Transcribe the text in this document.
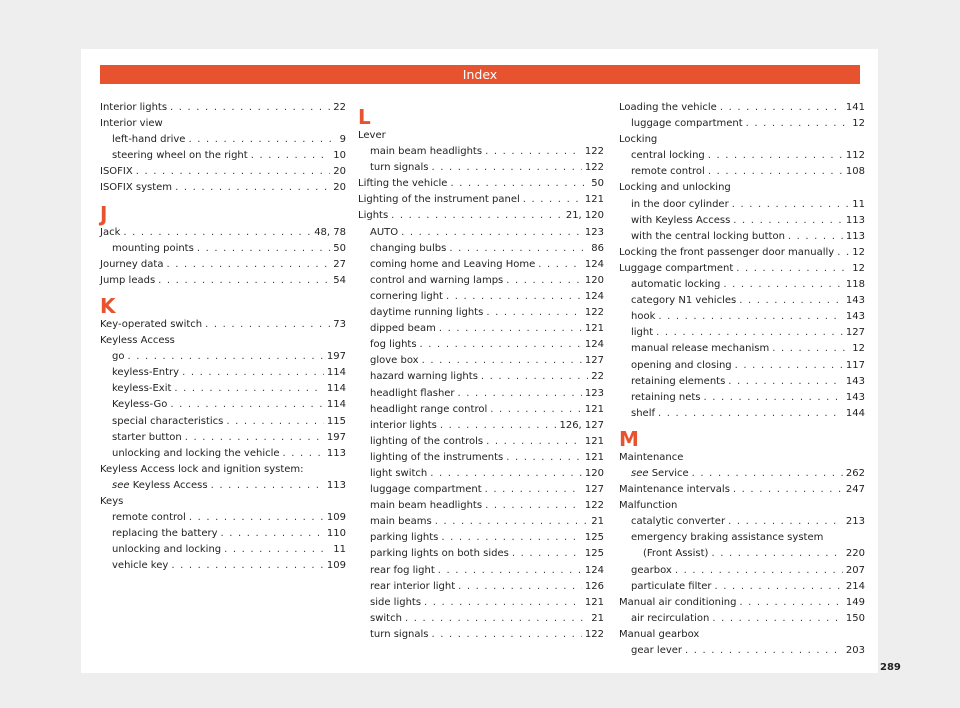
Index
Interior lights . . .	22
Interior view
left-hand drive . . .	9
steering wheel on the right . . .	10
ISOFIX . . .	20
ISOFIX system . . .	20
J
Jack . . .	48, 78
mounting points . . .	50
Journey data . . .	27
Jump leads . . .	54
K
Key-operated switch . . .	73
Keyless Access
go . . .	197
keyless-Entry . . .	114
keyless-Exit . . .	114
Keyless-Go . . .	114
special characteristics . . .	115
starter button . . .	197
unlocking and locking the vehicle . . .	113
Keyless Access lock and ignition system:
see Keyless Access . . .	113
Keys
remote control . . .	109
replacing the battery . . .	110
unlocking and locking . . .	11
vehicle key . . .	109
L
Lever
main beam headlights . . .	122
turn signals . . .	122
Lifting the vehicle . . .	50
Lighting of the instrument panel . . .	121
Lights . . .	21, 120
AUTO . . .	123
changing bulbs . . .	86
coming home and Leaving Home . . .	124
control and warning lamps . . .	120
cornering light . . .	124
daytime running lights . . .	122
dipped beam . . .	121
fog lights . . .	124
glove box . . .	127
hazard warning lights . . .	22
headlight flasher . . .	123
headlight range control . . .	121
interior lights . . .	126, 127
lighting of the controls . . .	121
lighting of the instruments . . .	121
light switch . . .	120
luggage compartment . . .	127
main beam headlights . . .	122
main beams . . .	21
parking lights . . .	125
parking lights on both sides . . .	125
rear fog light . . .	124
rear interior light . . .	126
side lights . . .	121
switch . . .	21
turn signals . . .	122
Loading the vehicle . . .	141
luggage compartment . . .	12
Locking
central locking . . .	112
remote control . . .	108
Locking and unlocking
in the door cylinder . . .	11
with Keyless Access . . .	113
with the central locking button . . .	113
Locking the front passenger door manually . . . 12
Luggage compartment . . .	12
automatic locking . . .	118
category N1 vehicles . . .	143
hook . . .	143
light . . .	127
manual release mechanism . . .	12
opening and closing . . .	117
retaining elements . . .	143
retaining nets . . .	143
shelf . . .	144
M
Maintenance
see Service . . .	262
Maintenance intervals . . .	247
Malfunction
catalytic converter . . .	213
emergency braking assistance system
(Front Assist) . . .	220
gearbox . . .	207
particulate filter . . .	214
Manual air conditioning . . .	149
air recirculation . . .	150
Manual gearbox
gear lever . . .	203
289
